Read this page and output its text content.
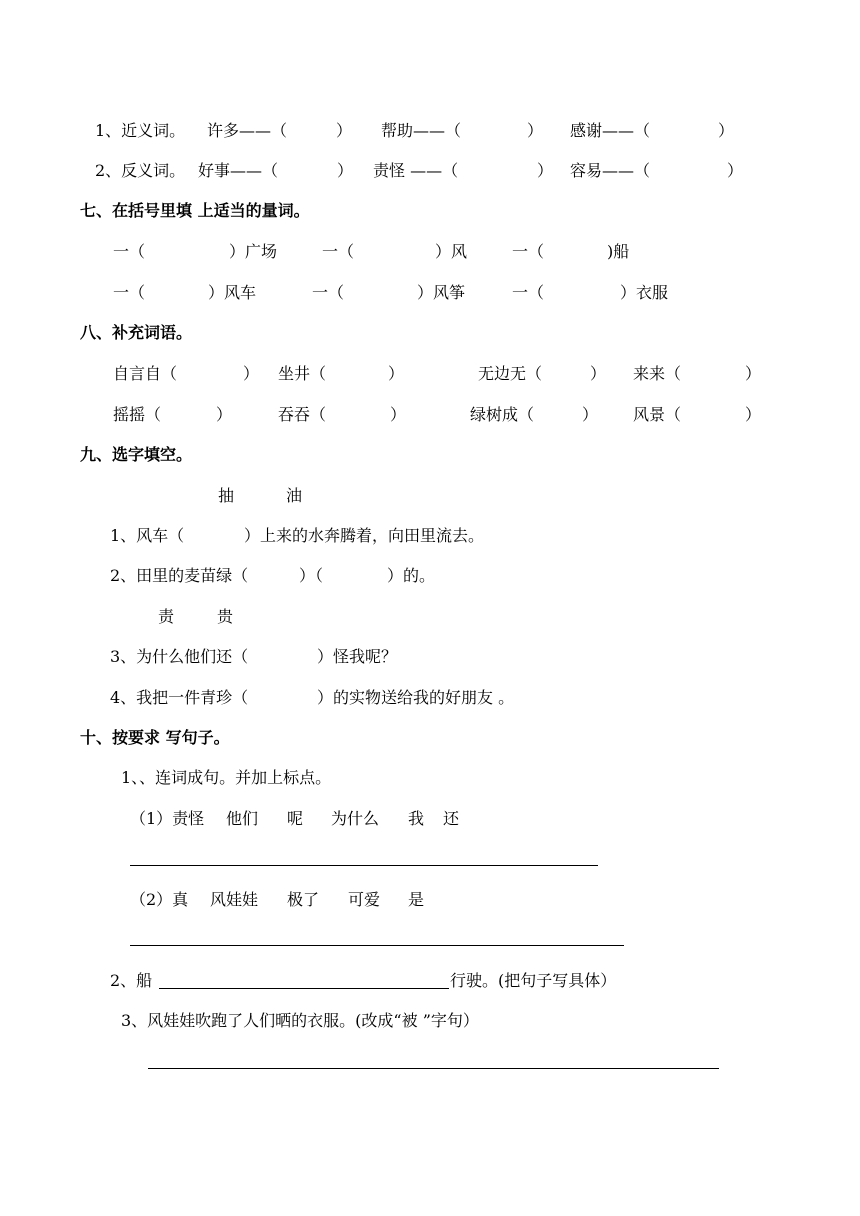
1、近义词。 许多——（	） 帮助——（	） 感谢——（	）
2、反义词。 好事——（	） 责怪 ——（	） 容易——（	）
七、在括号里填 上适当的量词。
一（	）广场	一（	）风	一（	)船
一（	）风车	一（	）风筝	一（	）衣服
八、补充词语。
自言自（	） 坐井（	）	无边无（	） 来来（	）
摇摇（	）	吞吞（	）	绿树成（	） 风景（	）
九、选字填空。
抽	油
1、风车（	）上来的水奔腾着，向田里流去。
2、田里的麦苗绿（	）（	）的。
责	贵
3、为什么他们还（	）怪我呢？
4、我把一件青珍（	）的实物送给我的好朋友 。
十、按要求 写句子。
1、、连词成句。并加上标点。
（1）责怪 他们 呢 为什么 我 还
（2）真 风娃娃 极了 可爱 是
2、船	行驶。(把句子写具体）
3、风娃娃吹跑了人们晒的衣服。(改成“被 ”字句）
